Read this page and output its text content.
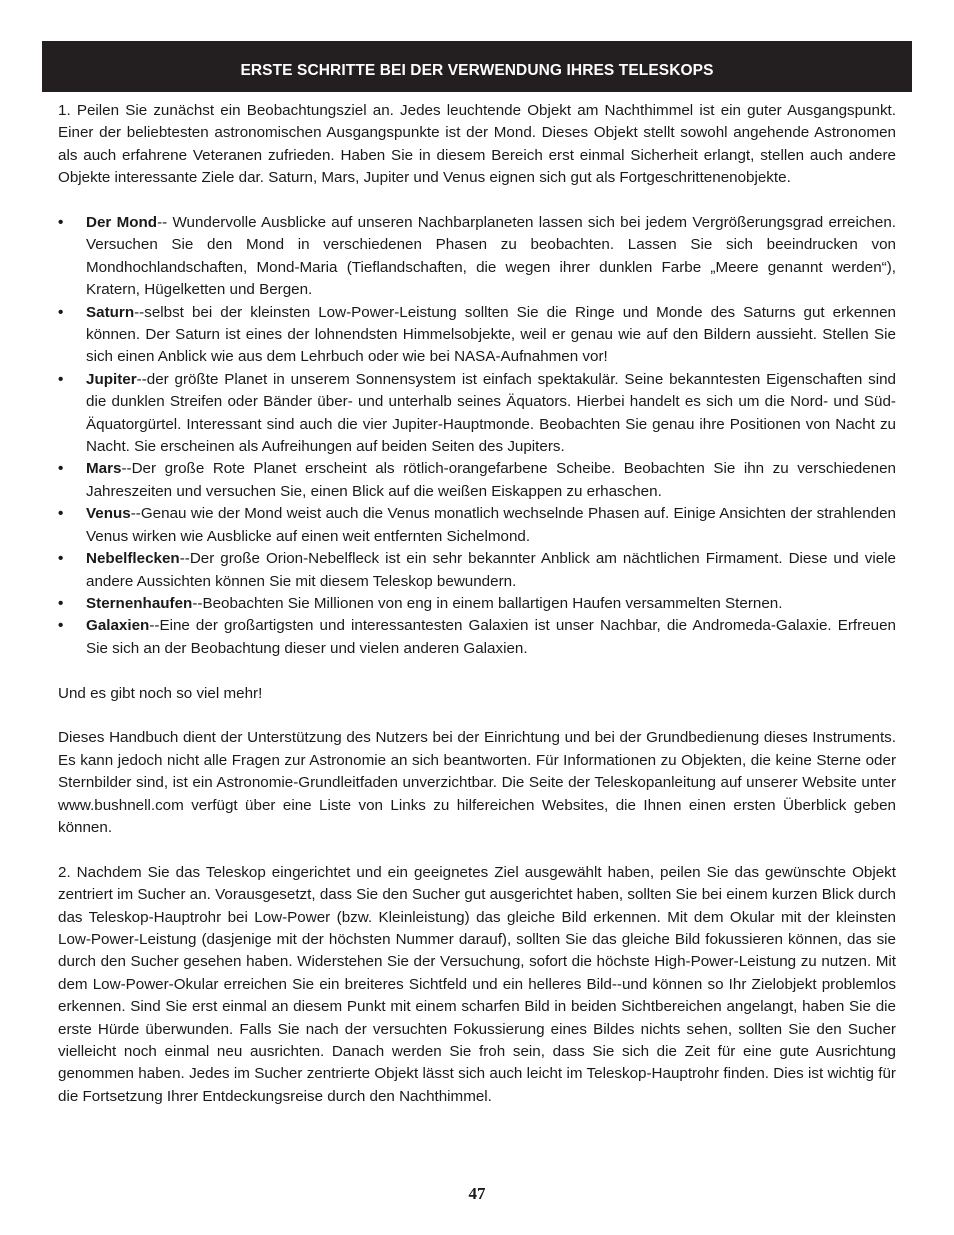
ERSTE SCHRITTE BEI DER VERWENDUNG IHRES TELESKOPS

1. Peilen Sie zunächst ein Beobachtungsziel an. Jedes leuchtende Objekt am Nachthimmel ist ein guter Ausgangspunkt. Einer der beliebtesten astronomischen Ausgangspunkte ist der Mond. Dieses Objekt stellt sowohl angehende Astronomen als auch erfahrene Veteranen zufrieden. Haben Sie in diesem Bereich erst einmal Sicherheit erlangt, stellen auch andere Objekte interessante Ziele dar. Saturn, Mars, Jupiter und Venus eignen sich gut als Fortgeschrittenenobjekte.

• Der Mond-- Wundervolle Ausblicke auf unseren Nachbarplaneten lassen sich bei jedem Vergrößerungsgrad erreichen. Versuchen Sie den Mond in verschiedenen Phasen zu beobachten. Lassen Sie sich beeindrucken von Mondhochlandschaften, Mond-Maria (Tieflandschaften, die wegen ihrer dunklen Farbe „Meere genannt werden“), Kratern, Hügelketten und Bergen.
• Saturn--selbst bei der kleinsten Low-Power-Leistung sollten Sie die Ringe und Monde des Saturns gut erkennen können. Der Saturn ist eines der lohnendsten Himmelsobjekte, weil er genau wie auf den Bildern aussieht. Stellen Sie sich einen Anblick wie aus dem Lehrbuch oder wie bei NASA-Aufnahmen vor!
• Jupiter--der größte Planet in unserem Sonnensystem ist einfach spektakulär. Seine bekanntesten Eigenschaften sind die dunklen Streifen oder Bänder über- und unterhalb seines Äquators. Hierbei handelt es sich um die Nord- und Süd-Äquatorgürtel. Interessant sind auch die vier Jupiter-Hauptmonde. Beobachten Sie genau ihre Positionen von Nacht zu Nacht. Sie erscheinen als Aufreihungen auf beiden Seiten des Jupiters.
• Mars--Der große Rote Planet erscheint als rötlich-orangefarbene Scheibe. Beobachten Sie ihn zu verschiedenen Jahreszeiten und versuchen Sie, einen Blick auf die weißen Eiskappen zu erhaschen.
• Venus--Genau wie der Mond weist auch die Venus monatlich wechselnde Phasen auf. Einige Ansichten der strahlenden Venus wirken wie Ausblicke auf einen weit entfernten Sichelmond.
• Nebelflecken--Der große Orion-Nebelfleck ist ein sehr bekannter Anblick am nächtlichen Firmament. Diese und viele andere Aussichten können Sie mit diesem Teleskop bewundern.
• Sternenhaufen--Beobachten Sie Millionen von eng in einem ballartigen Haufen versammelten Sternen.
• Galaxien--Eine der großartigsten und interessantesten Galaxien ist unser Nachbar, die Andromeda-Galaxie. Erfreuen Sie sich an der Beobachtung dieser und vielen anderen Galaxien.

Und es gibt noch so viel mehr!

Dieses Handbuch dient der Unterstützung des Nutzers bei der Einrichtung und bei der Grundbedienung dieses Instruments. Es kann jedoch nicht alle Fragen zur Astronomie an sich beantworten. Für Informationen zu Objekten, die keine Sterne oder Sternbilder sind, ist ein Astronomie-Grundleitfaden unverzichtbar. Die Seite der Teleskopanleitung auf unserer Website unter www.bushnell.com verfügt über eine Liste von Links zu hilfereichen Websites, die Ihnen einen ersten Überblick geben können.

2. Nachdem Sie das Teleskop eingerichtet und ein geeignetes Ziel ausgewählt haben, peilen Sie das gewünschte Objekt zentriert im Sucher an. Vorausgesetzt, dass Sie den Sucher gut ausgerichtet haben, sollten Sie bei einem kurzen Blick durch das Teleskop-Hauptrohr bei Low-Power (bzw. Kleinleistung) das gleiche Bild erkennen. Mit dem Okular mit der kleinsten Low-Power-Leistung (dasjenige mit der höchsten Nummer darauf), sollten Sie das gleiche Bild fokussieren können, das sie durch den Sucher gesehen haben. Widerstehen Sie der Versuchung, sofort die höchste High-Power-Leistung zu nutzen. Mit dem Low-Power-Okular erreichen Sie ein breiteres Sichtfeld und ein helleres Bild--und können so Ihr Zielobjekt problemlos erkennen. Sind Sie erst einmal an diesem Punkt mit einem scharfen Bild in beiden Sichtbereichen angelangt, haben Sie die erste Hürde überwunden. Falls Sie nach der versuchten Fokussierung eines Bildes nichts sehen, sollten Sie den Sucher vielleicht noch einmal neu ausrichten. Danach werden Sie froh sein, dass Sie sich die Zeit für eine gute Ausrichtung genommen haben. Jedes im Sucher zentrierte Objekt lässt sich auch leicht im Teleskop-Hauptrohr finden. Dies ist wichtig für die Fortsetzung Ihrer Entdeckungsreise durch den Nachthimmel.

47
